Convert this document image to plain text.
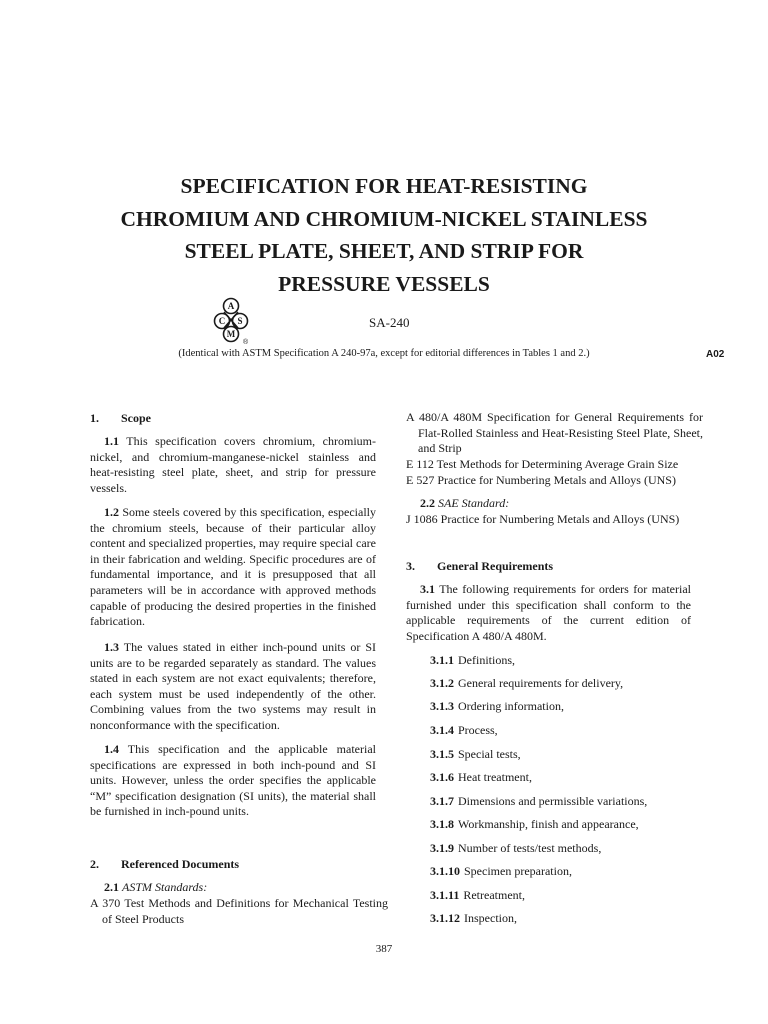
SPECIFICATION FOR HEAT-RESISTING
CHROMIUM AND CHROMIUM-NICKEL STAINLESS
STEEL PLATE, SHEET, AND STRIP FOR
PRESSURE VESSELS
A
C S
M
®
SA-240
(Identical with ASTM Specification A 240-97a, except for editorial differences in Tables 1 and 2.)	A02
1. Scope
1.1 This specification covers chromium, chromium-nickel, and chromium-manganese-nickel stainless and heat-resisting steel plate, sheet, and strip for pressure vessels.
1.2 Some steels covered by this specification, especially the chromium steels, because of their particular alloy content and specialized properties, may require special care in their fabrication and welding. Specific procedures are of fundamental importance, and it is presupposed that all parameters will be in accordance with approved methods capable of producing the desired properties in the finished fabrication.
1.3 The values stated in either inch-pound units or SI units are to be regarded separately as standard. The values stated in each system are not exact equivalents; therefore, each system must be used independently of the other. Combining values from the two systems may result in nonconformance with the specification.
1.4 This specification and the applicable material specifications are expressed in both inch-pound and SI units. However, unless the order specifies the applicable “M” specification designation (SI units), the material shall be furnished in inch-pound units.
2. Referenced Documents
2.1 ASTM Standards:
A 370 Test Methods and Definitions for Mechanical Testing of Steel Products
A 480/A 480M Specification for General Requirements for Flat-Rolled Stainless and Heat-Resisting Steel Plate, Sheet, and Strip
E 112 Test Methods for Determining Average Grain Size
E 527 Practice for Numbering Metals and Alloys (UNS)
2.2 SAE Standard:
J 1086 Practice for Numbering Metals and Alloys (UNS)
3. General Requirements
3.1 The following requirements for orders for material furnished under this specification shall conform to the applicable requirements of the current edition of Specification A 480/A 480M.
3.1.1 Definitions,
3.1.2 General requirements for delivery,
3.1.3 Ordering information,
3.1.4 Process,
3.1.5 Special tests,
3.1.6 Heat treatment,
3.1.7 Dimensions and permissible variations,
3.1.8 Workmanship, finish and appearance,
3.1.9 Number of tests/test methods,
3.1.10 Specimen preparation,
3.1.11 Retreatment,
3.1.12 Inspection,
387
